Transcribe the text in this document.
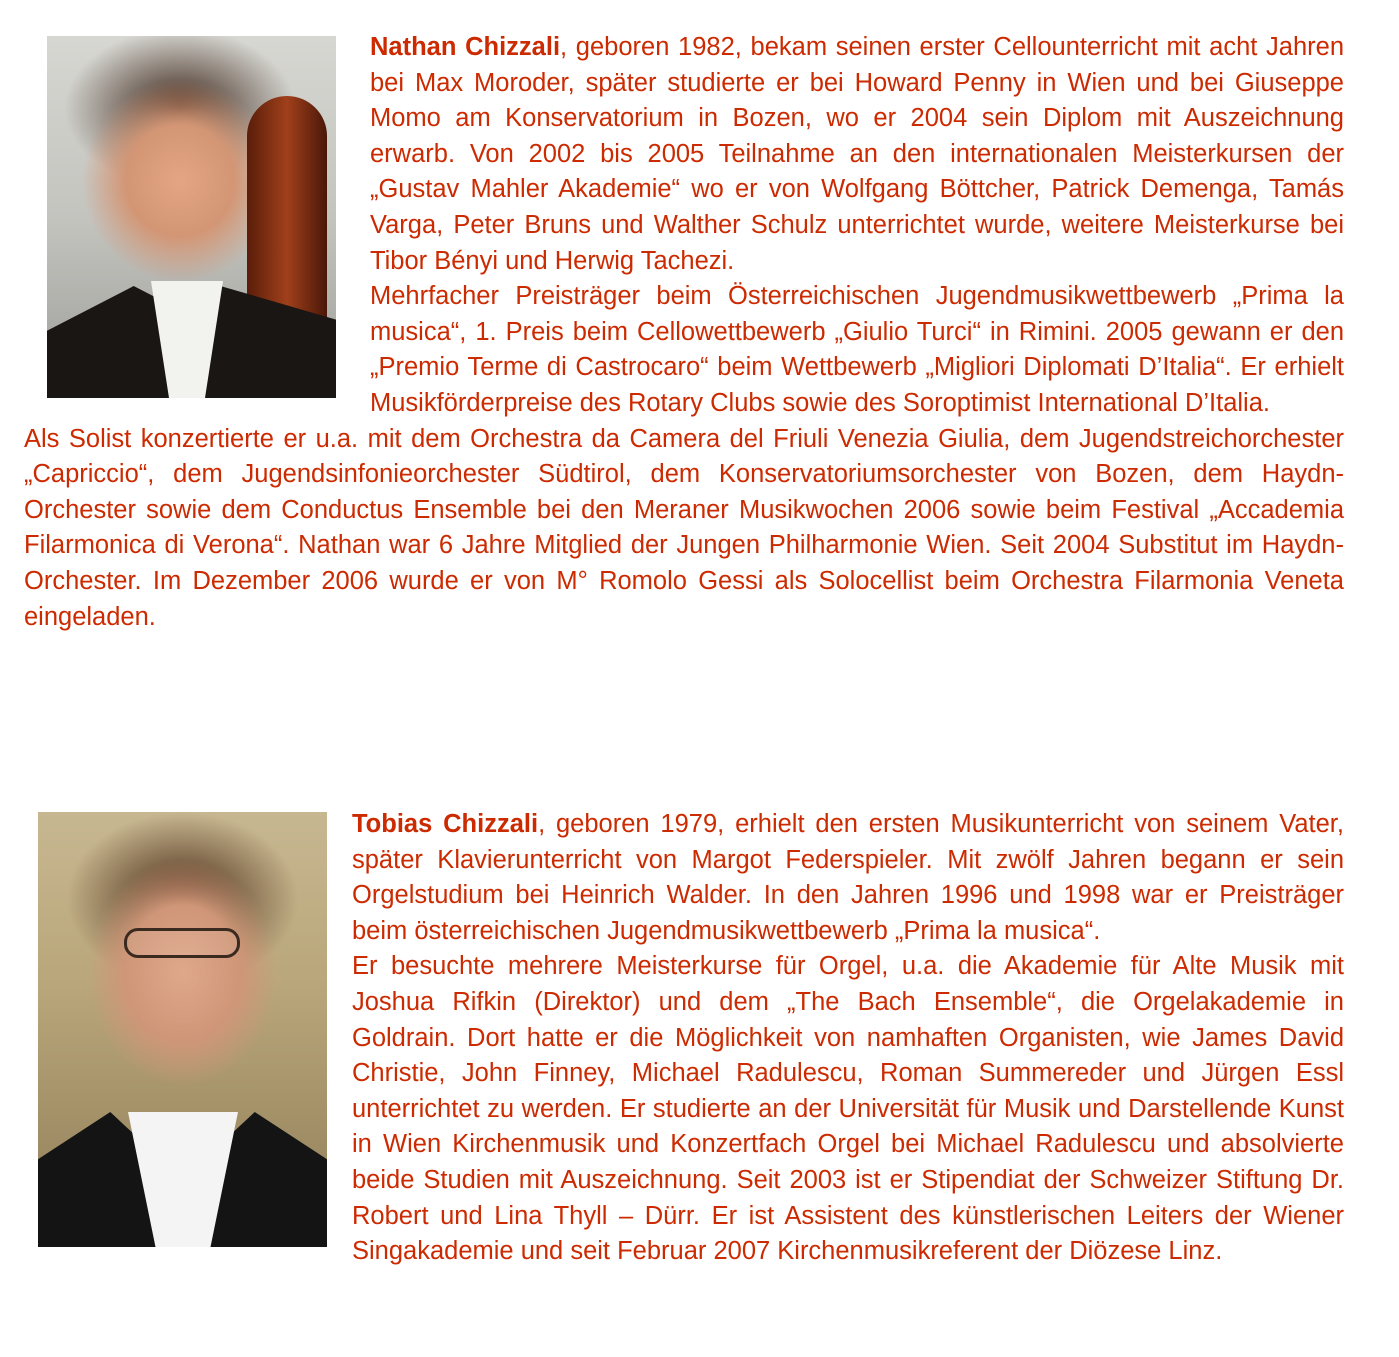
Nathan Chizzali, geboren 1982, bekam seinen erster Cellounterricht mit acht Jahren bei Max Moroder, später studierte er bei Howard Penny in Wien und bei Giuseppe Momo am Konservatorium in Bozen, wo er 2004 sein Diplom mit Auszeichnung erwarb. Von 2002 bis 2005 Teilnahme an den internationalen Meisterkursen der „Gustav Mahler Akademie“ wo er von Wolfgang Böttcher, Patrick Demenga, Tamás Varga, Peter Bruns und Walther Schulz unterrichtet wurde, weitere Meisterkurse bei Tibor Bényi und Herwig Tachezi.

Mehrfacher Preisträger beim Österreichischen Jugendmusikwettbewerb „Prima la musica“, 1. Preis beim Cellowettbewerb „Giulio Turci“ in Rimini. 2005 gewann er den „Premio Terme di Castrocaro“ beim Wettbewerb „Migliori Diplomati D’Italia“. Er erhielt Musikförderpreise des Rotary Clubs sowie des Soroptimist International D’Italia.

Als Solist konzertierte er u.a. mit dem Orchestra da Camera del Friuli Venezia Giulia, dem Jugendstreichorchester „Capriccio“, dem Jugendsinfonieorchester Südtirol, dem Konservatoriumsorchester von Bozen, dem Haydn-Orchester sowie dem Conductus Ensemble bei den Meraner Musikwochen 2006 sowie beim Festival „Accademia Filarmonica di Verona“. Nathan war 6 Jahre Mitglied der Jungen Philharmonie Wien. Seit 2004 Substitut im Haydn-Orchester. Im Dezember 2006 wurde er von M° Romolo Gessi als Solocellist beim Orchestra Filarmonia Veneta eingeladen.

Tobias Chizzali, geboren 1979, erhielt den ersten Musikunterricht von seinem Vater, später Klavierunterricht von Margot Federspieler. Mit zwölf Jahren begann er sein Orgelstudium bei Heinrich Walder. In den Jahren 1996 und 1998 war er Preisträger beim österreichischen Jugendmusikwettbewerb „Prima la musica“.

Er besuchte mehrere Meisterkurse für Orgel, u.a. die Akademie für Alte Musik mit Joshua Rifkin (Direktor) und dem „The Bach Ensemble“, die Orgelakademie in Goldrain. Dort hatte er die Möglichkeit von namhaften Organisten, wie James David Christie, John Finney, Michael Radulescu, Roman Summereder und Jürgen Essl unterrichtet zu werden. Er studierte an der Universität für Musik und Darstellende Kunst in Wien Kirchenmusik und Konzertfach Orgel bei Michael Radulescu und absolvierte beide Studien mit Auszeichnung. Seit 2003 ist er Stipendiat der Schweizer Stiftung Dr. Robert und Lina Thyll – Dürr. Er ist Assistent des künstlerischen Leiters der Wiener Singakademie und seit Februar 2007 Kirchenmusikreferent der Diözese Linz.
